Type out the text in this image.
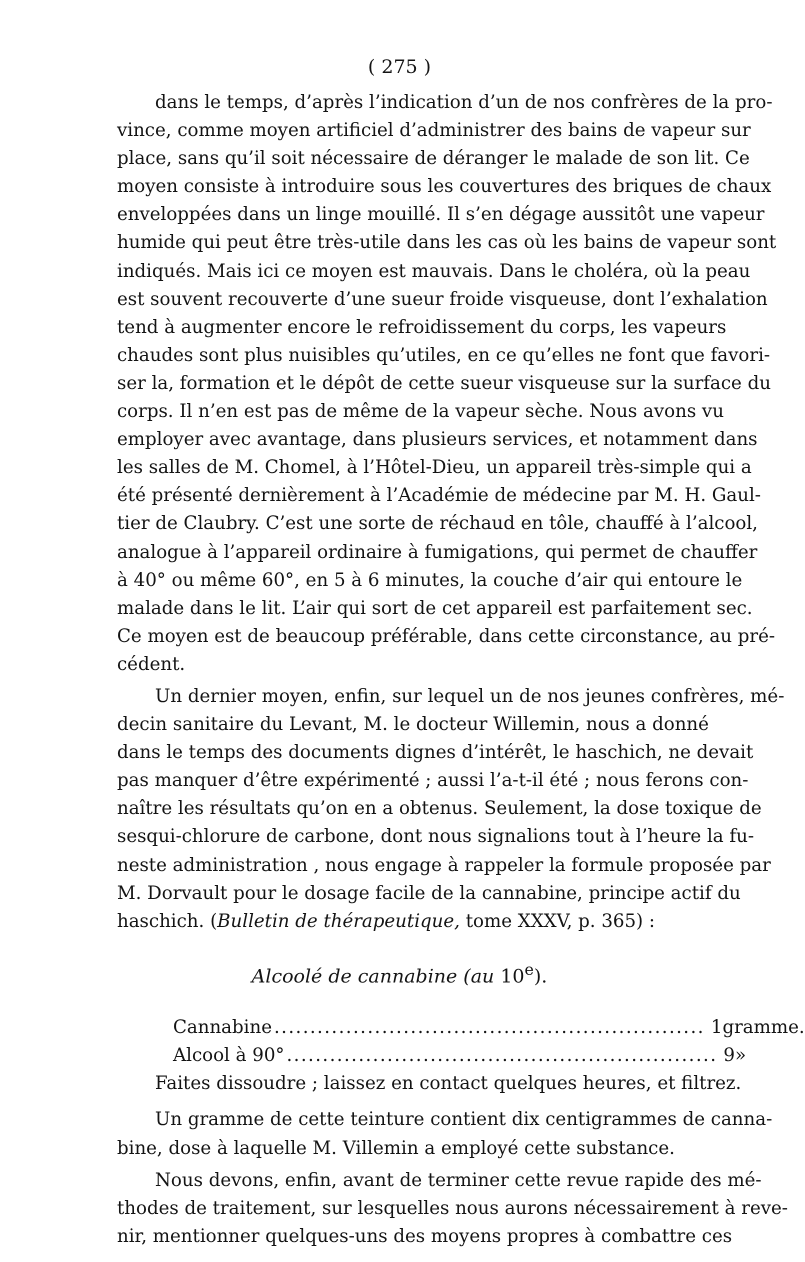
( 275 )
dans le temps, d’après l’indication d’un de nos confrères de la pro-
vince, comme moyen artificiel d’administrer des bains de vapeur sur
place, sans qu’il soit nécessaire de déranger le malade de son lit. Ce
moyen consiste à introduire sous les couvertures des briques de chaux
enveloppées dans un linge mouillé. Il s’en dégage aussitôt une vapeur
humide qui peut être très-utile dans les cas où les bains de vapeur sont
indiqués. Mais ici ce moyen est mauvais. Dans le choléra, où la peau
est souvent recouverte d’une sueur froide visqueuse, dont l’exhalation
tend à augmenter encore le refroidissement du corps, les vapeurs
chaudes sont plus nuisibles qu’utiles, en ce qu’elles ne font que favori-
ser la, formation et le dépôt de cette sueur visqueuse sur la surface du
corps. Il n’en est pas de même de la vapeur sèche. Nous avons vu
employer avec avantage, dans plusieurs services, et notamment dans
les salles de M. Chomel, à l’Hôtel-Dieu, un appareil très-simple qui a
été présenté dernièrement à l’Académie de médecine par M. H. Gaul-
tier de Claubry. C’est une sorte de réchaud en tôle, chauffé à l’alcool,
analogue à l’appareil ordinaire à fumigations, qui permet de chauffer
à 40° ou même 60°, en 5 à 6 minutes, la couche d’air qui entoure le
malade dans le lit. L’air qui sort de cet appareil est parfaitement sec.
Ce moyen est de beaucoup préférable, dans cette circonstance, au pré-
cédent.
Un dernier moyen, enfin, sur lequel un de nos jeunes confrères, mé-
decin sanitaire du Levant, M. le docteur Willemin, nous a donné
dans le temps des documents dignes d’intérêt, le haschich, ne devait
pas manquer d’être expérimenté ; aussi l’a-t-il été ; nous ferons con-
naître les résultats qu’on en a obtenus. Seulement, la dose toxique de
sesqui-chlorure de carbone, dont nous signalions tout à l’heure la fu-
neste administration , nous engage à rappeler la formule proposée par
M. Dorvault pour le dosage facile de la cannabine, principe actif du
haschich. (Bulletin de thérapeutique, tome XXXV, p. 365) :
Alcoolé de cannabine (au 10e).
Cannabine ............................................................ 1 gramme.
Alcool à 90° ............................................................ 9 »
Faites dissoudre ; laissez en contact quelques heures, et filtrez.
Un gramme de cette teinture contient dix centigrammes de canna-
bine, dose à laquelle M. Villemin a employé cette substance.
Nous devons, enfin, avant de terminer cette revue rapide des mé-
thodes de traitement, sur lesquelles nous aurons nécessairement à reve-
nir, mentionner quelques-uns des moyens propres à combattre ces
